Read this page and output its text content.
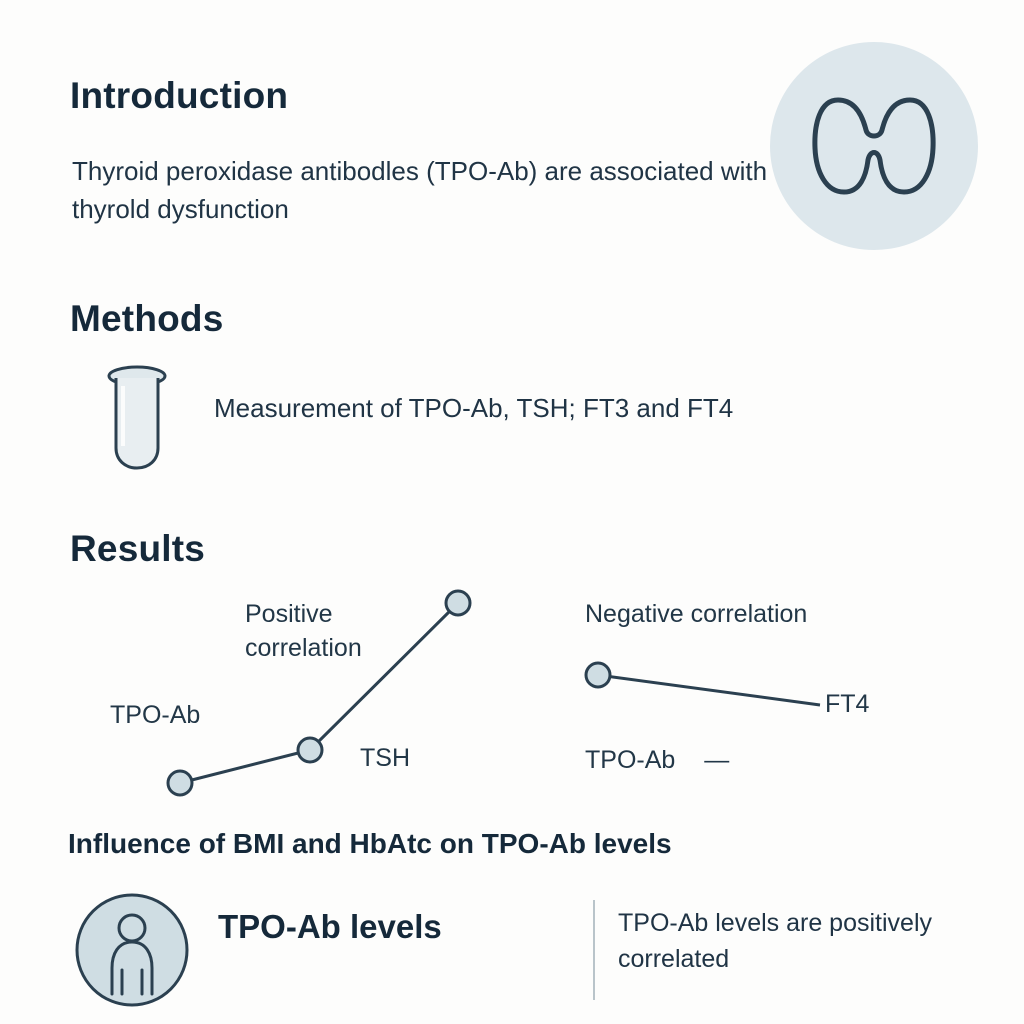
Introduction
Thyroid peroxidase antibodles (TPO-Ab) are associated with thyrold dysfunction
Methods
Measurement of TPO-Ab, TSH; FT3 and FT4
Results
Positive correlation
TPO-Ab
TSH
Negative correlation
FT4
TPO-Ab —
Influence of BMI and HbAtc on TPO-Ab levels
TPO-Ab levels	TPO-Ab levels are positively correlated
